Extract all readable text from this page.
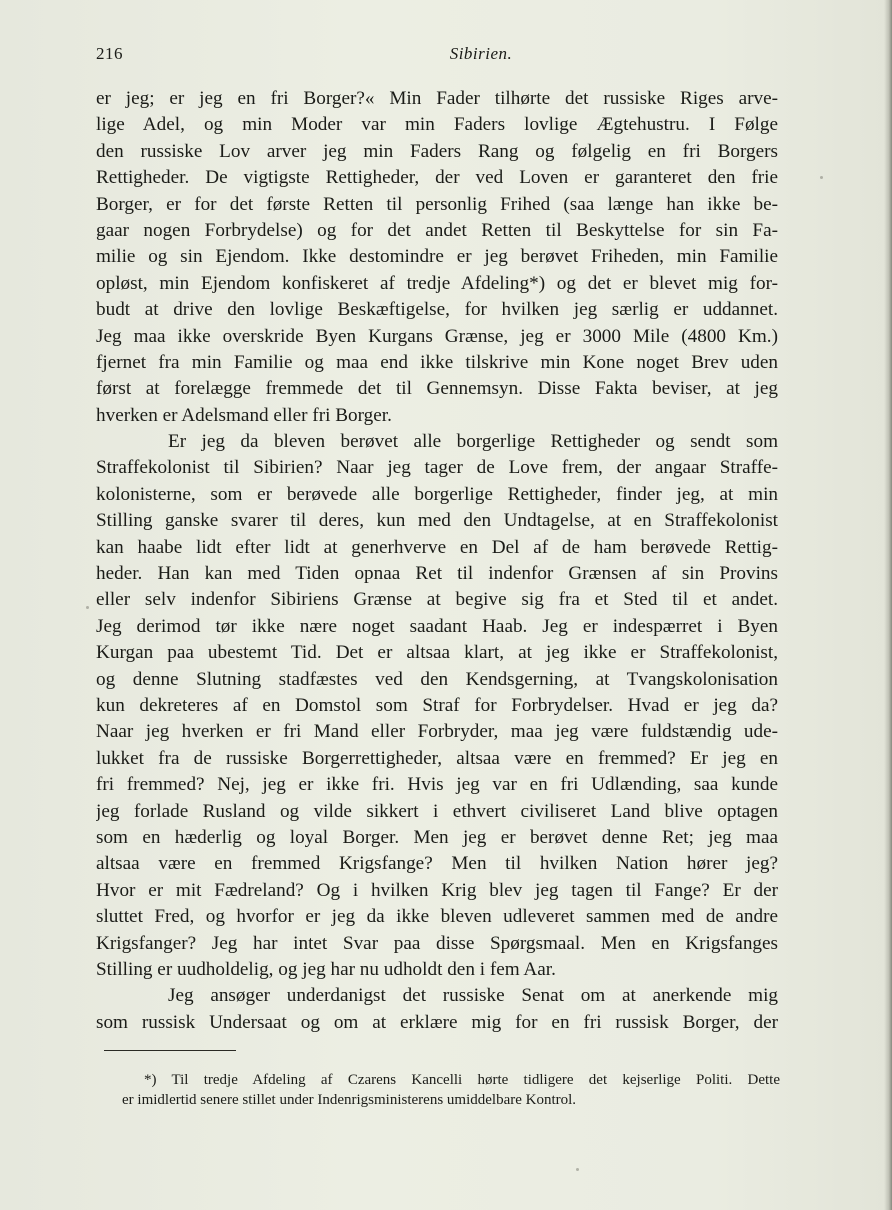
216	Sibirien.
er jeg; er jeg en fri Borger?« Min Fader tilhørte det russiske Riges arve-
lige Adel, og min Moder var min Faders lovlige Ægtehustru. I Følge
den russiske Lov arver jeg min Faders Rang og følgelig en fri Borgers
Rettigheder. De vigtigste Rettigheder, der ved Loven er garanteret den frie
Borger, er for det første Retten til personlig Frihed (saa længe han ikke be-
gaar nogen Forbrydelse) og for det andet Retten til Beskyttelse for sin Fa-
milie og sin Ejendom. Ikke destomindre er jeg berøvet Friheden, min Familie
opløst, min Ejendom konfiskeret af tredje Afdeling*) og det er blevet mig for-
budt at drive den lovlige Beskæftigelse, for hvilken jeg særlig er uddannet.
Jeg maa ikke overskride Byen Kurgans Grænse, jeg er 3000 Mile (4800 Km.)
fjernet fra min Familie og maa end ikke tilskrive min Kone noget Brev uden
først at forelægge fremmede det til Gennemsyn. Disse Fakta beviser, at jeg
hverken er Adelsmand eller fri Borger.
Er jeg da bleven berøvet alle borgerlige Rettigheder og sendt som
Straffekolonist til Sibirien? Naar jeg tager de Love frem, der angaar Straffe-
kolonisterne, som er berøvede alle borgerlige Rettigheder, finder jeg, at min
Stilling ganske svarer til deres, kun med den Undtagelse, at en Straffekolonist
kan haabe lidt efter lidt at generhverve en Del af de ham berøvede Rettig-
heder. Han kan med Tiden opnaa Ret til indenfor Grænsen af sin Provins
eller selv indenfor Sibiriens Grænse at begive sig fra et Sted til et andet.
Jeg derimod tør ikke nære noget saadant Haab. Jeg er indespærret i Byen
Kurgan paa ubestemt Tid. Det er altsaa klart, at jeg ikke er Straffekolonist,
og denne Slutning stadfæstes ved den Kendsgerning, at Tvangskolonisation
kun dekreteres af en Domstol som Straf for Forbrydelser. Hvad er jeg da?
Naar jeg hverken er fri Mand eller Forbryder, maa jeg være fuldstændig ude-
lukket fra de russiske Borgerrettigheder, altsaa være en fremmed? Er jeg en
fri fremmed? Nej, jeg er ikke fri. Hvis jeg var en fri Udlænding, saa kunde
jeg forlade Rusland og vilde sikkert i ethvert civiliseret Land blive optagen
som en hæderlig og loyal Borger. Men jeg er berøvet denne Ret; jeg maa
altsaa være en fremmed Krigsfange? Men til hvilken Nation hører jeg?
Hvor er mit Fædreland? Og i hvilken Krig blev jeg tagen til Fange? Er der
sluttet Fred, og hvorfor er jeg da ikke bleven udleveret sammen med de andre
Krigsfanger? Jeg har intet Svar paa disse Spørgsmaal. Men en Krigsfanges
Stilling er uudholdelig, og jeg har nu udholdt den i fem Aar.
Jeg ansøger underdanigst det russiske Senat om at anerkende mig
som russisk Undersaat og om at erklære mig for en fri russisk Borger, der
*) Til tredje Afdeling af Czarens Kancelli hørte tidligere det kejserlige Politi. Dette
er imidlertid senere stillet under Indenrigsministerens umiddelbare Kontrol.
